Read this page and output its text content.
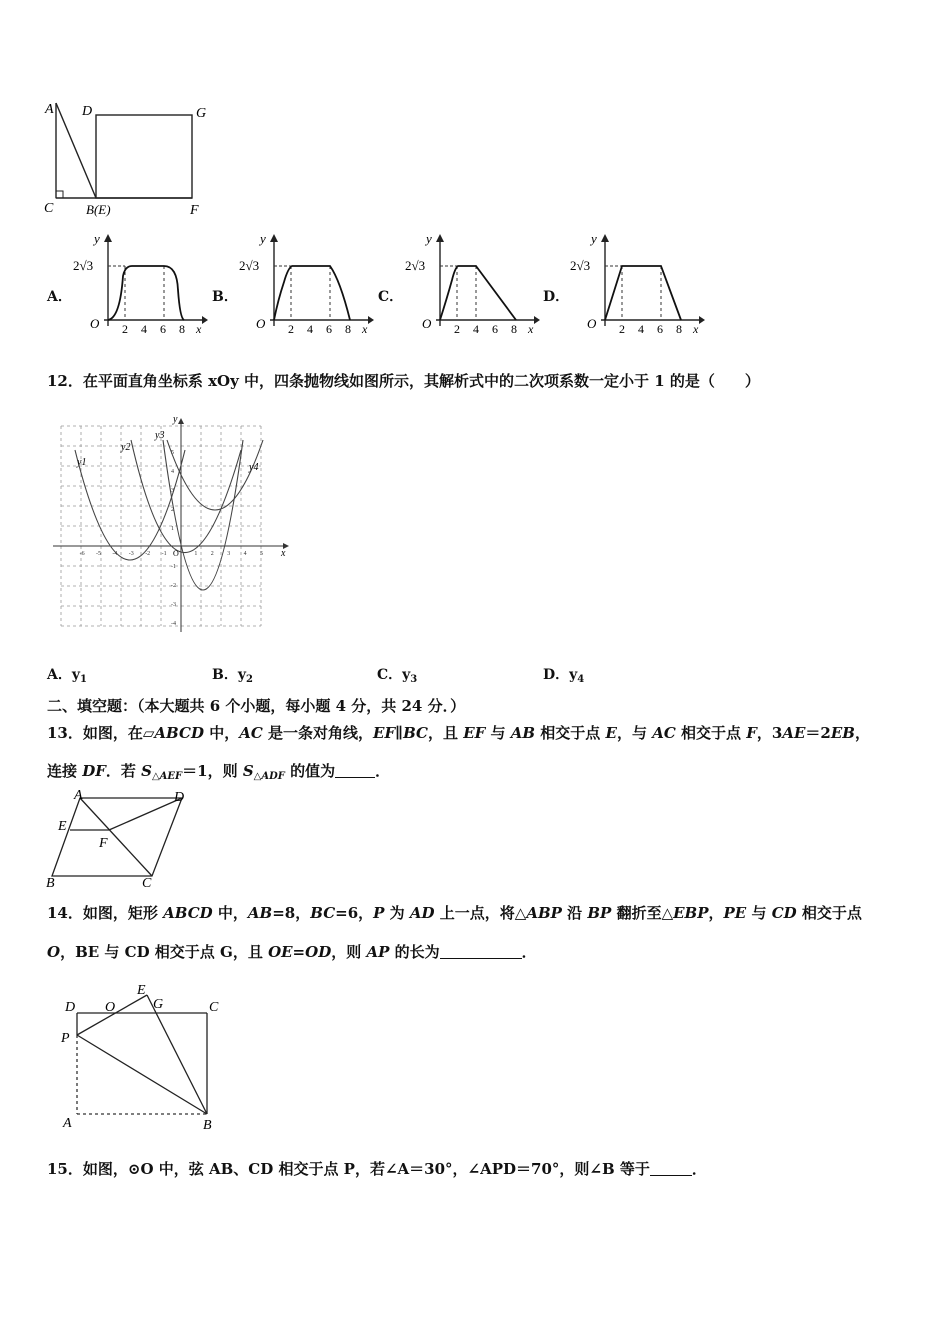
A D	G
C	B(E)	F
A．	B．	C．	D．
2√3
y
O 2 4 6 8 x
2√3
y
O 2 4 6 8 x
2√3
y
O 2 4 6 8 x
2√3
y
O 2 4 6 8 x
12．在平面直角坐标系 xOy 中，四条抛物线如图所示，其解析式中的二次项系数一定小于 1 的是（　　）
y1
y2
y3
y4
y
x
O
-6 -5 -4 -3 -2 -1	1 2 3 4 5
5
4
3
2
1
-1
-2
-3
-4
A．$y_1$	B．$y_2$	C．$y_3$	D．$y_4$
二、填空题：（本大题共 6 个小题，每小题 4 分，共 24 分．）
13．如图，在▱ABCD 中，AC 是一条对角线，EF∥BC，且 EF 与 AB 相交于点 E，与 AC 相交于点 F，3AE＝2EB，
连接 DF．若 $S_{\triangle AEF}=1$，则 $S_{\triangle ADF}$ 的值为	．
A	D
E
F
B	C
14．如图，矩形 ABCD 中，AB=8，BC=6，P 为 AD 上一点，将△ABP 沿 BP 翻折至△EBP，PE 与 CD 相交于点
O，BE 与 CD 相交于点 G，且 OE=OD，则 AP 的长为	．
D O
E
G	C
P
A	B
15．如图，⊙O 中，弦 AB、CD 相交于点 P，若∠A＝30°，∠APD＝70°，则∠B 等于	．
